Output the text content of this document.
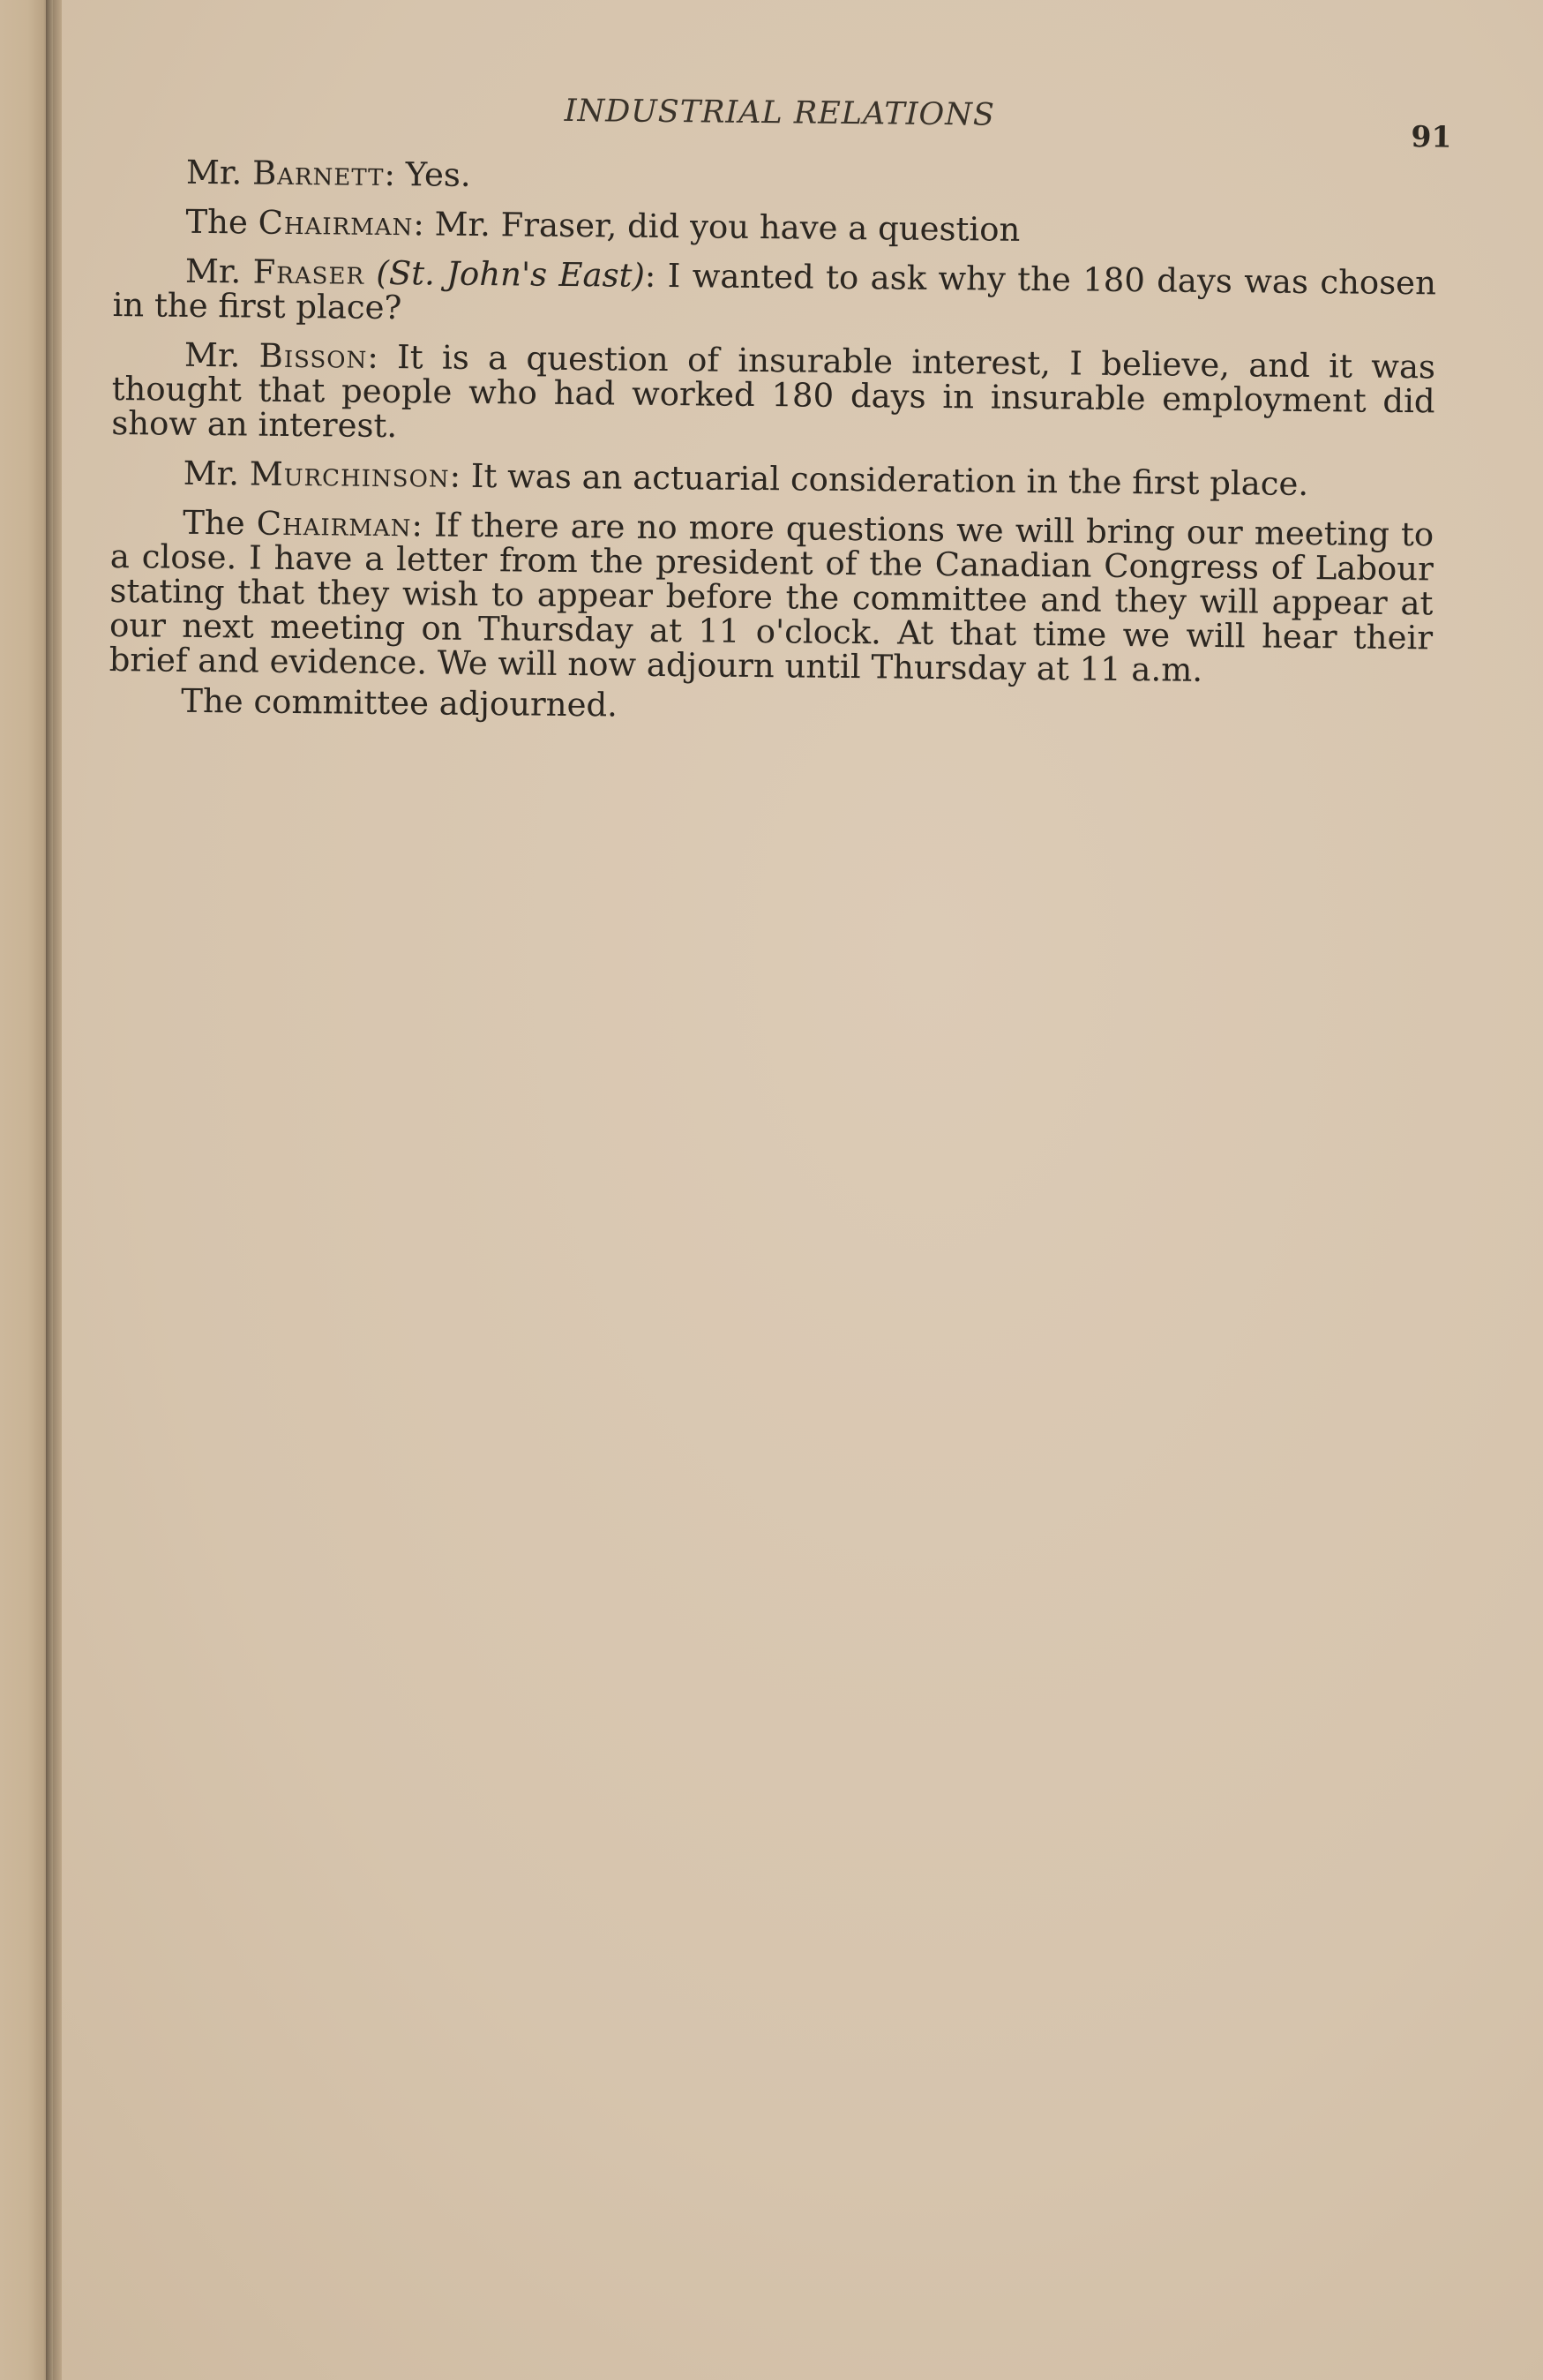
INDUSTRIAL RELATIONS
91

Mr. Barnett: Yes.

The Chairman: Mr. Fraser, did you have a question

Mr. Fraser (St. John's East): I wanted to ask why the 180 days was chosen in the first place?

Mr. Bisson: It is a question of insurable interest, I believe, and it was thought that people who had worked 180 days in insurable employment did show an interest.

Mr. Murchinson: It was an actuarial consideration in the first place.

The Chairman: If there are no more questions we will bring our meeting to a close. I have a letter from the president of the Canadian Congress of Labour stating that they wish to appear before the committee and they will appear at our next meeting on Thursday at 11 o'clock. At that time we will hear their brief and evidence. We will now adjourn until Thursday at 11 a.m.

The committee adjourned.
